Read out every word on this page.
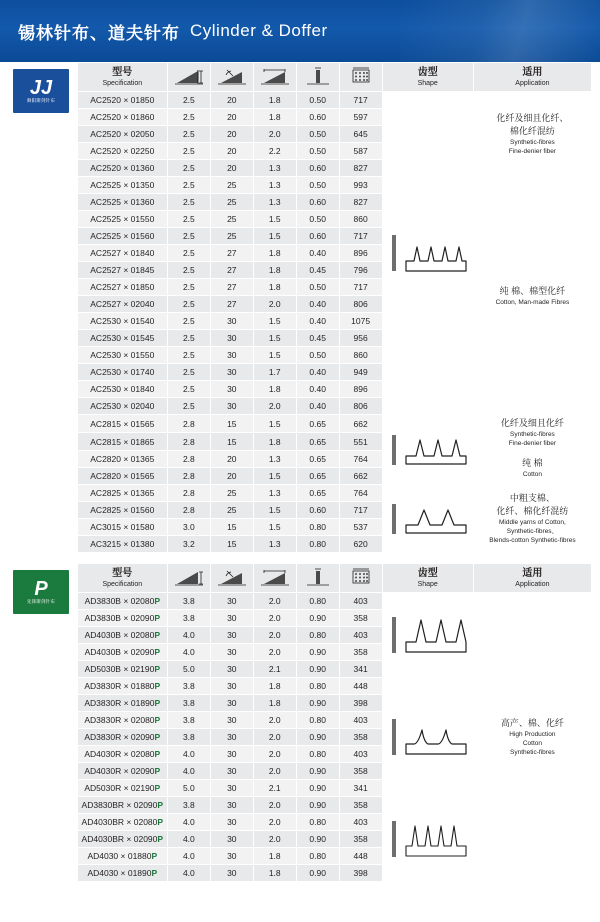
锡林针布、道夫针布 Cylinder & Doffer
JJ
舞阳斯剑针布	型号
Specification						齿型
Shape	适用
Application

	AC2520 × 01850	2.5	20	1.8	0.50	717		化纤及细且化纤、
棉化纤混纺
Synthetic-fibres
Fine-denier fiber

	AC2520 × 01860	2.5	20	1.8	0.60	597		
	AC2520 × 02050	2.5	20	2.0	0.50	645		
	AC2520 × 02250	2.5	20	2.2	0.50	587		
	AC2520 × 01360	2.5	20	1.3	0.60	827		
	AC2525 × 01350	2.5	25	1.3	0.50	993		纯 棉、棉型化纤
Cotton, Man-made Fibres

	AC2525 × 01360	2.5	25	1.3	0.60	827		
	AC2525 × 01550	2.5	25	1.5	0.50	860		
	AC2525 × 01560	2.5	25	1.5	0.60	717		
	AC2527 × 01840	2.5	27	1.8	0.40	896		
	AC2527 × 01845	2.5	27	1.8	0.45	796		
	AC2527 × 01850	2.5	27	1.8	0.50	717		
	AC2527 × 02040	2.5	27	2.0	0.40	806		
	AC2530 × 01540	2.5	30	1.5	0.40	1075		
	AC2530 × 01545	2.5	30	1.5	0.45	956		
	AC2530 × 01550	2.5	30	1.5	0.50	860		
	AC2530 × 01740	2.5	30	1.7	0.40	949		
	AC2530 × 01840	2.5	30	1.8	0.40	896		
	AC2530 × 02040	2.5	30	2.0	0.40	806		
	AC2815 × 01565	2.8	15	1.5	0.65	662		化纤及细且化纤
Synthetic-fibres
Fine-denier fiber

	AC2815 × 01865	2.8	15	1.8	0.65	551		
	AC2820 × 01365	2.8	20	1.3	0.65	764		纯 棉
Cotton

	AC2820 × 01565	2.8	20	1.5	0.65	662		
	AC2825 × 01365	2.8	25	1.3	0.65	764		中粗支棉、
化纤、棉化纤混纺
Middle yarns of Cotton,
Synthetic-fibres、
Blends-cotton Synthetic-fibres

	AC2825 × 01560	2.8	25	1.5	0.60	717		
	AC3015 × 01580	3.0	15	1.5	0.80	537		
	AC3215 × 01380	3.2	15	1.3	0.80	620		
P
先锋斯剑针布	型号
Specification						齿型
Shape	适用
Application

	AD3830B × 02080P	3.8	30	2.0	0.80	403		高产、棉、化纤
High Production
Cotton
Synthetic-fibres

	AD3830B × 02090P	3.8	30	2.0	0.90	358		
	AD4030B × 02080P	4.0	30	2.0	0.80	403		
	AD4030B × 02090P	4.0	30	2.0	0.90	358		
	AD5030B × 02190P	5.0	30	2.1	0.90	341		
	AD3830R × 01880P	3.8	30	1.8	0.80	448	

	AD3830R × 01890P	3.8	30	1.8	0.90	398		
	AD3830R × 02080P	3.8	30	2.0	0.80	403		
	AD3830R × 02090P	3.8	30	2.0	0.90	358		
	AD4030R × 02080P	4.0	30	2.0	0.80	403		
	AD4030R × 02090P	4.0	30	2.0	0.90	358		
	AD5030R × 02190P	5.0	30	2.1	0.90	341		
	AD3830BR × 02090P	3.8	30	2.0	0.90	358	

	AD4030BR × 02080P	4.0	30	2.0	0.80	403		
	AD4030BR × 02090P	4.0	30	2.0	0.90	358		
	AD4030 × 01880P	4.0	30	1.8	0.80	448		
	AD4030 × 01890P	4.0	30	1.8	0.90	398		
